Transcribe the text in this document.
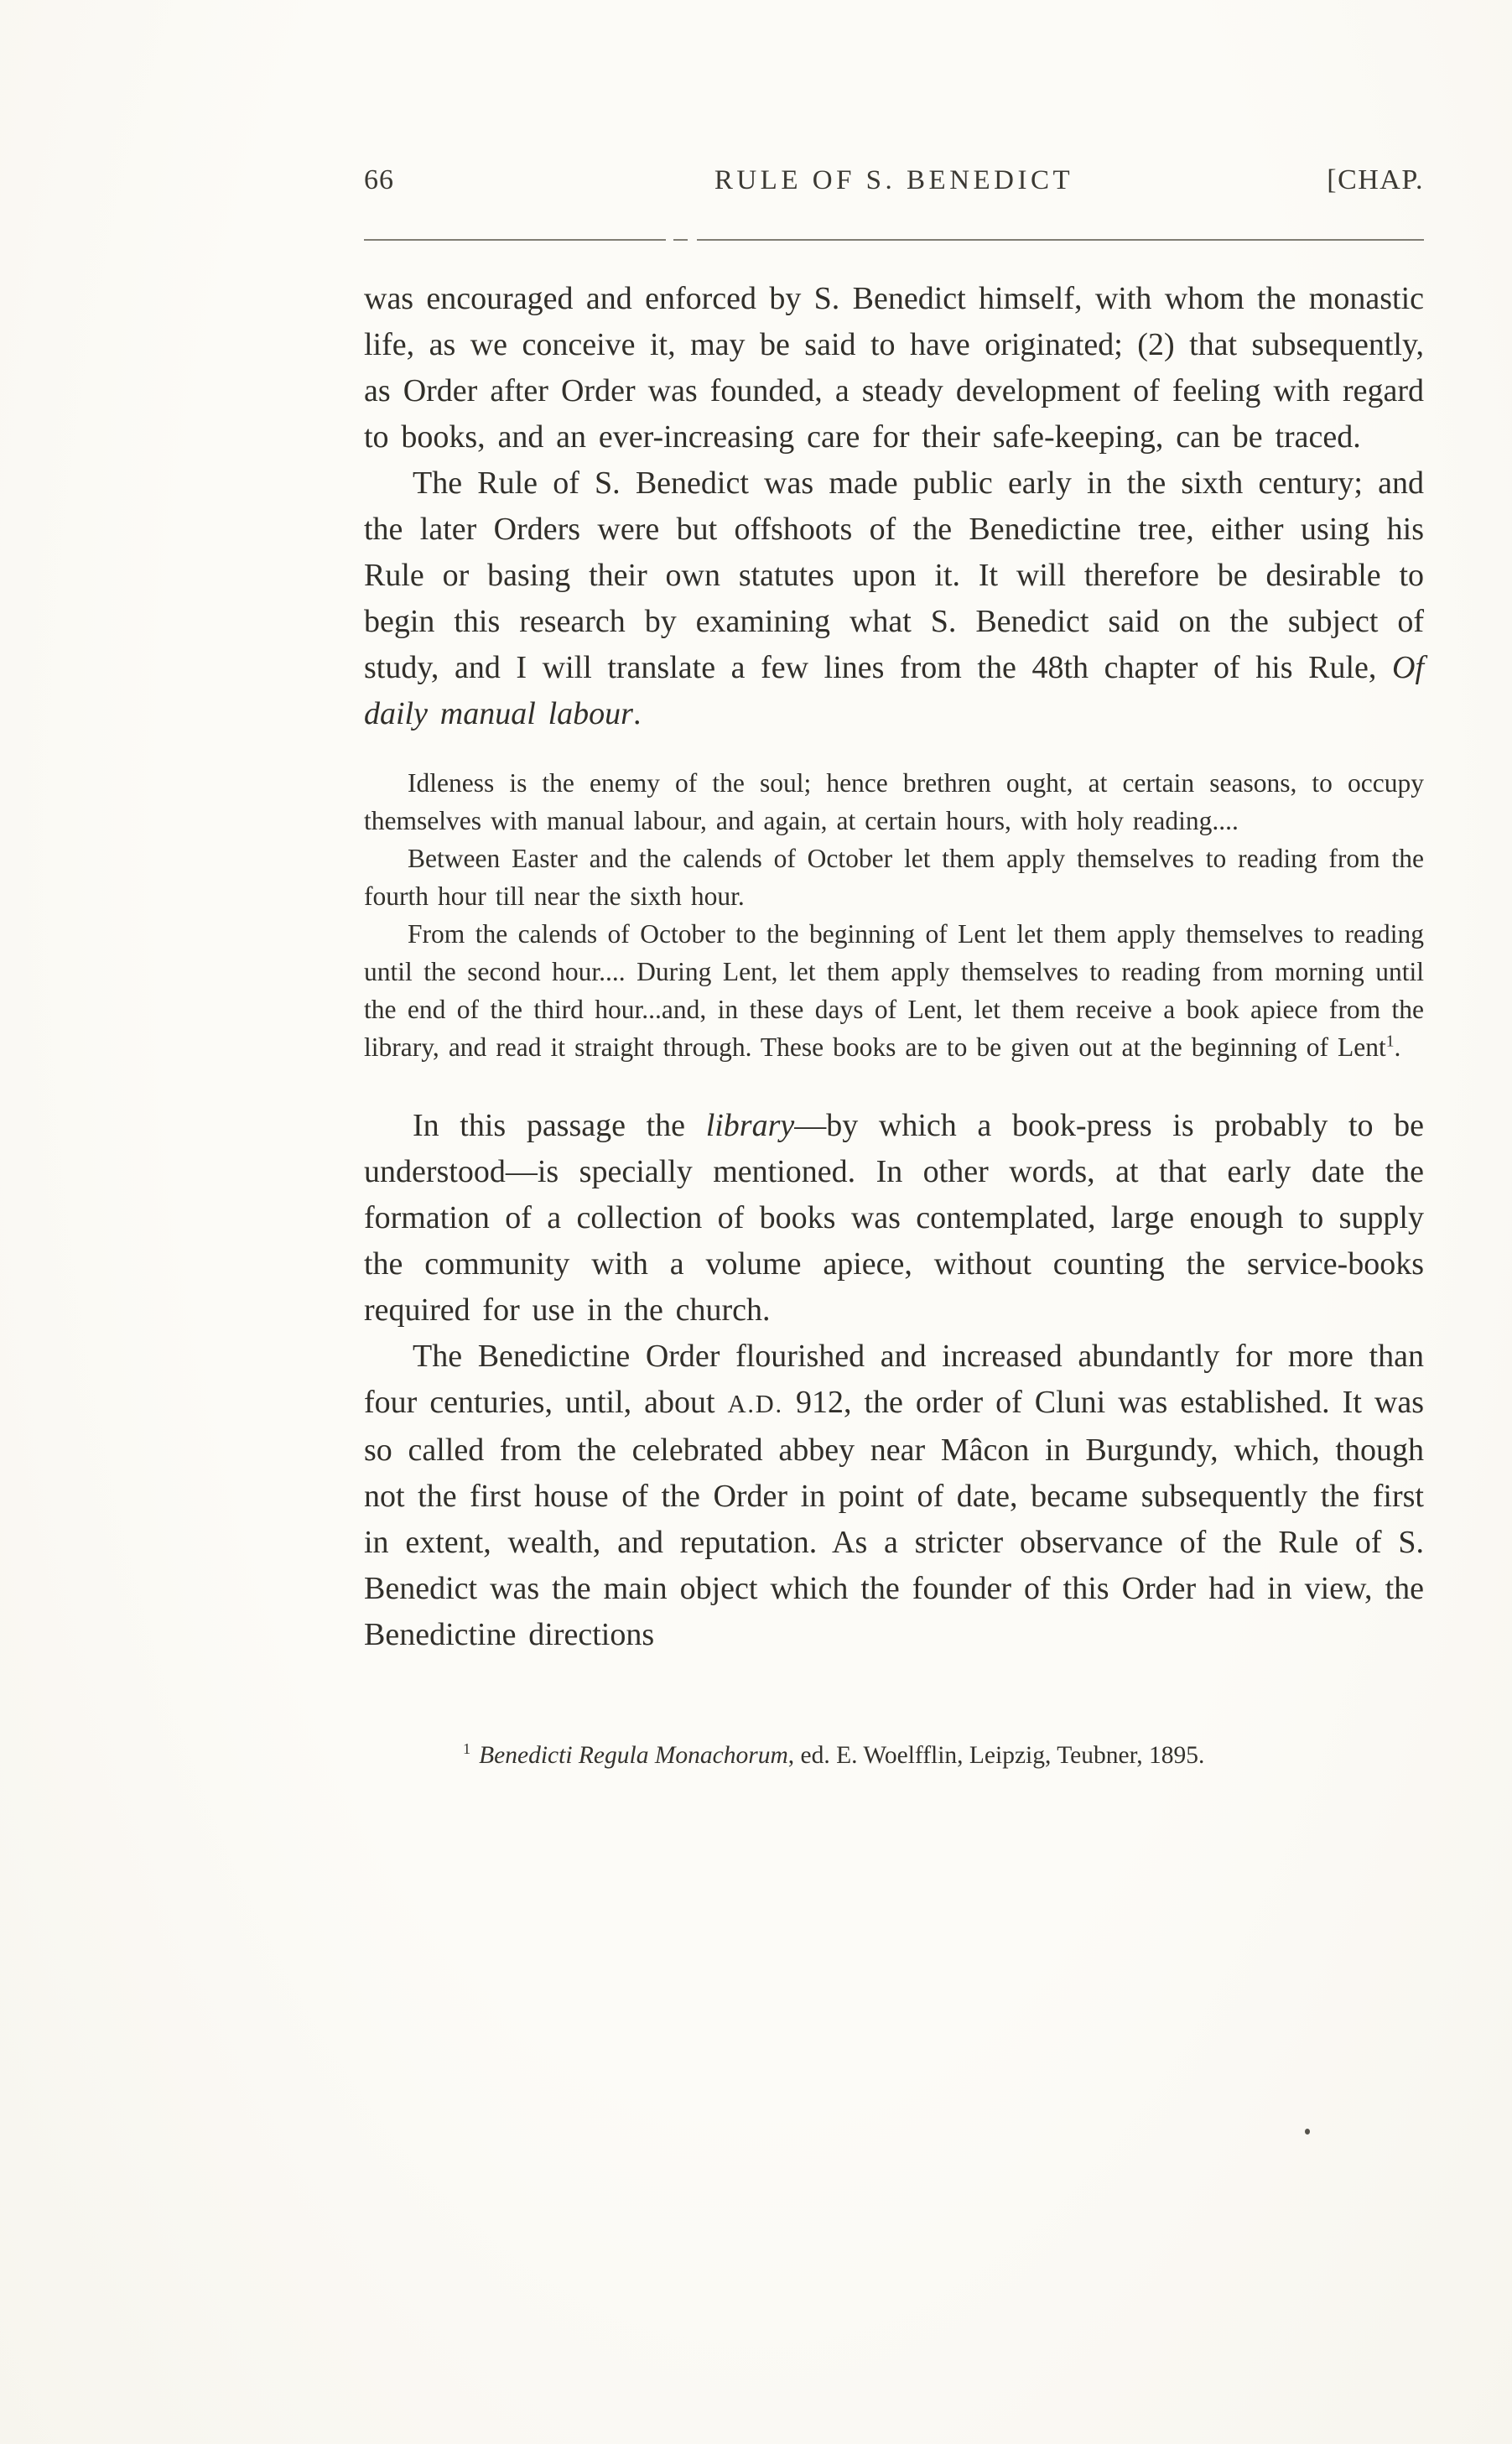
66	RULE OF S. BENEDICT	[CHAP.

was encouraged and enforced by S. Benedict himself, with whom the monastic life, as we conceive it, may be said to have originated; (2) that subsequently, as Order after Order was founded, a steady development of feeling with regard to books, and an ever-increasing care for their safe-keeping, can be traced.

The Rule of S. Benedict was made public early in the sixth century; and the later Orders were but offshoots of the Benedictine tree, either using his Rule or basing their own statutes upon it. It will therefore be desirable to begin this research by examining what S. Benedict said on the subject of study, and I will translate a few lines from the 48th chapter of his Rule, Of daily manual labour.

Idleness is the enemy of the soul; hence brethren ought, at certain seasons, to occupy themselves with manual labour, and again, at certain hours, with holy reading....

Between Easter and the calends of October let them apply themselves to reading from the fourth hour till near the sixth hour.

From the calends of October to the beginning of Lent let them apply themselves to reading until the second hour.... During Lent, let them apply themselves to reading from morning until the end of the third hour...and, in these days of Lent, let them receive a book apiece from the library, and read it straight through. These books are to be given out at the beginning of Lent$^1$.

In this passage the library—by which a book-press is probably to be understood—is specially mentioned. In other words, at that early date the formation of a collection of books was contemplated, large enough to supply the community with a volume apiece, without counting the service-books required for use in the church.

The Benedictine Order flourished and increased abundantly for more than four centuries, until, about A.D. 912, the order of Cluni was established. It was so called from the celebrated abbey near Mâcon in Burgundy, which, though not the first house of the Order in point of date, became subsequently the first in extent, wealth, and reputation. As a stricter observance of the Rule of S. Benedict was the main object which the founder of this Order had in view, the Benedictine directions

$^1$ Benedicti Regula Monachorum, ed. E. Woelfflin, Leipzig, Teubner, 1895.
